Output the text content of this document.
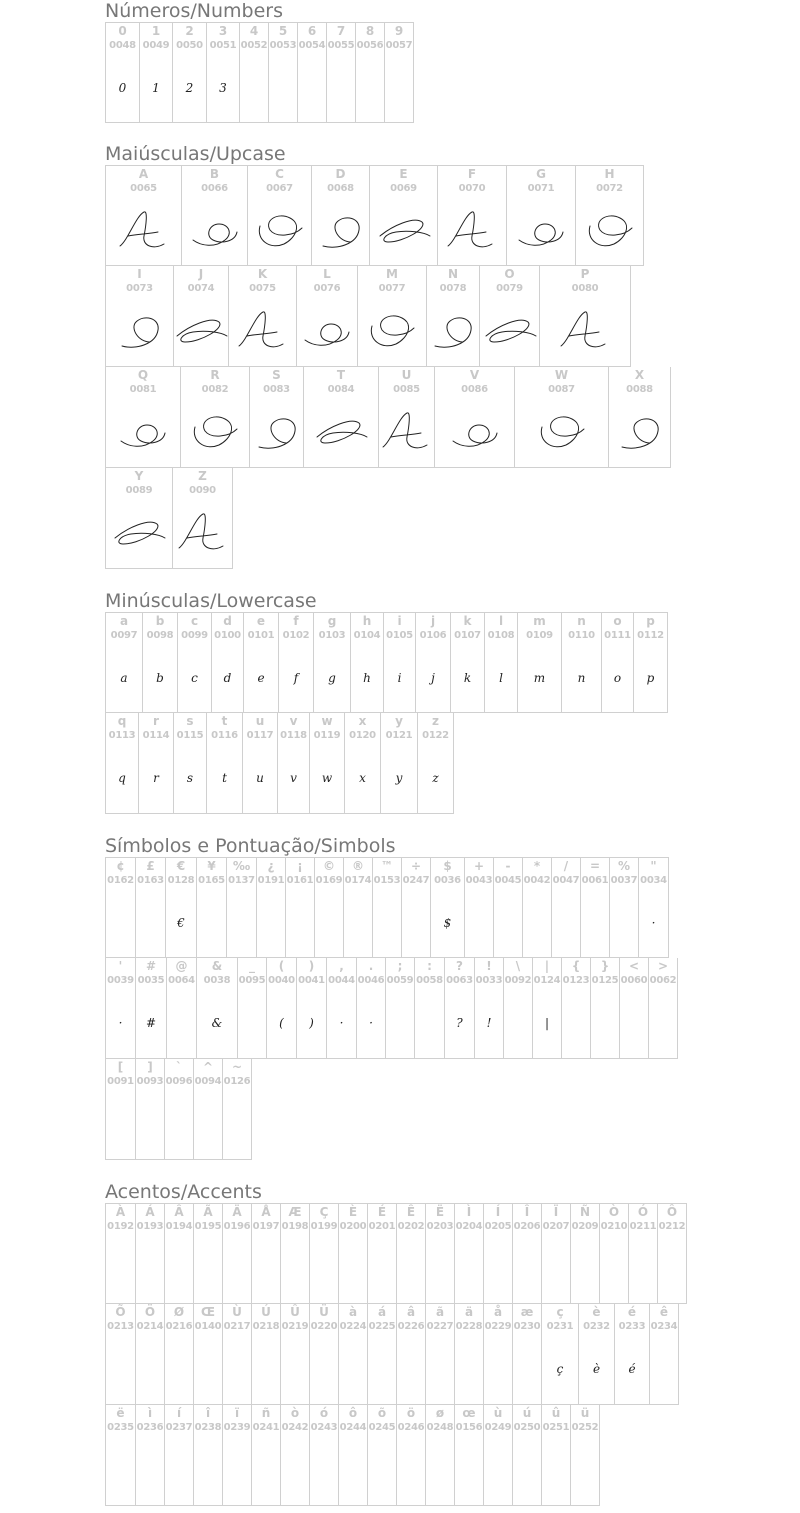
Números/Numbers
0
0048
0
1
0049
1
2
0050
2
3
0051
3
4
0052
5
0053
6
0054
7
0055
8
0056
9
0057
Maiúsculas/Upcase
A
0065
A
B
0066
B
C
0067
C
D
0068
D
E
0069
E
F
0070
F
G
0071
G
H
0072
H
I
0073
I
J
0074
J
K
0075
K
L
0076
L
M
0077
M
N
0078
N
O
0079
O
P
0080
P
Q
0081
Q
R
0082
R
S
0083
S
T
0084
T
U
0085
U
V
0086
V
W
0087
W
X
0088
X
Y
0089
Y
Z
0090
Z
Minúsculas/Lowercase
a
0097
a
b
0098
b
c
0099
c
d
0100
d
e
0101
e
f
0102
f
g
0103
g
h
0104
h
i
0105
i
j
0106
j
k
0107
k
l
0108
l
m
0109
m
n
0110
n
o
0111
o
p
0112
p
q
0113
q
r
0114
r
s
0115
s
t
0116
t
u
0117
u
v
0118
v
w
0119
w
x
0120
x
y
0121
y
z
0122
z
Símbolos e Pontuação/Simbols
¢
0162
£
0163
€
0128
€
¥
0165
‰
0137
¿
0191
¡
0161
©
0169
®
0174
™
0153
÷
0247
$
0036
$
+
0043
-
0045
*
0042
/
0047
=
0061
%
0037
"
0034
·
'
0039
·
#
0035
#
@
0064
&
0038
&
_
0095
(
0040
(
)
0041
)
,
0044
·
.
0046
·
;
0059
:
0058
?
0063
?
!
0033
!
\
0092
|
0124
|
{
0123
}
0125
<
0060
>
0062
[
0091
]
0093
`
0096
^
0094
~
0126
Acentos/Accents
À
0192
Á
0193
Â
0194
Ã
0195
Ä
0196
Å
0197
Æ
0198
Ç
0199
È
0200
É
0201
Ê
0202
Ë
0203
Ì
0204
Í
0205
Î
0206
Ï
0207
Ñ
0209
Ò
0210
Ó
0211
Ô
0212
Õ
0213
Ö
0214
Ø
0216
Œ
0140
Ù
0217
Ú
0218
Û
0219
Ü
0220
à
0224
á
0225
â
0226
ã
0227
ä
0228
å
0229
æ
0230
ç
0231
ç
è
0232
è
é
0233
é
ê
0234
ë
0235
ì
0236
í
0237
î
0238
ï
0239
ñ
0241
ò
0242
ó
0243
ô
0244
õ
0245
ö
0246
ø
0248
œ
0156
ù
0249
ú
0250
û
0251
ü
0252
